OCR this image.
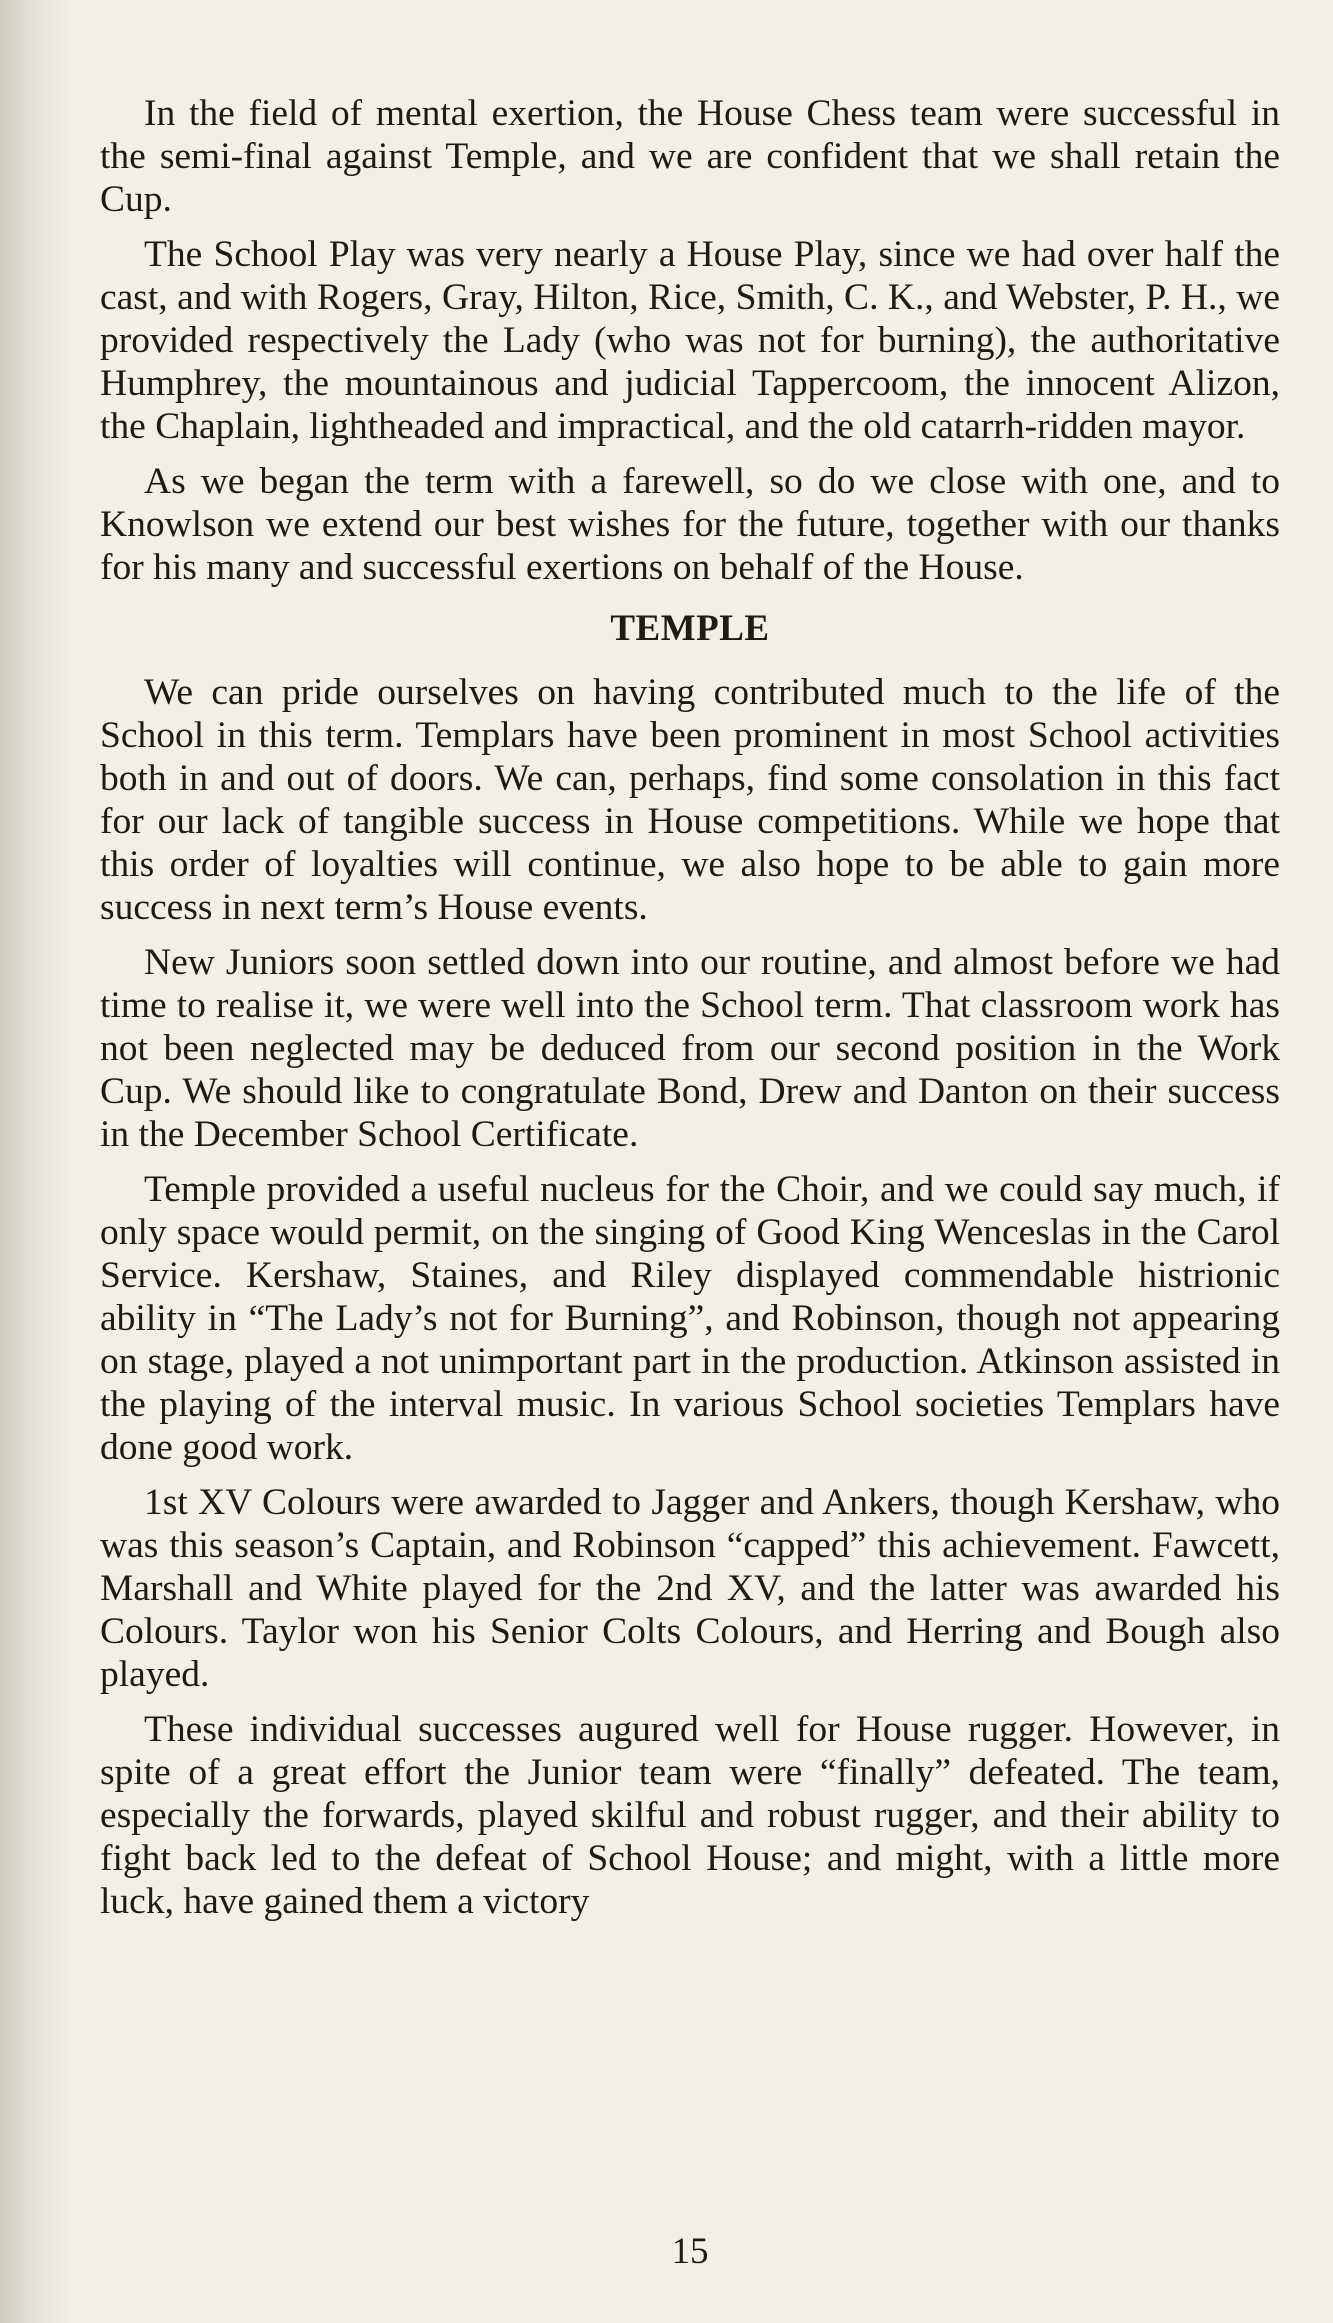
In the field of mental exertion, the House Chess team were successful in the semi-final against Temple, and we are confident that we shall retain the Cup.

The School Play was very nearly a House Play, since we had over half the cast, and with Rogers, Gray, Hilton, Rice, Smith, C. K., and Webster, P. H., we provided respectively the Lady (who was not for burning), the authoritative Humphrey, the mountainous and judicial Tappercoom, the innocent Alizon, the Chaplain, lightheaded and impractical, and the old catarrh-ridden mayor.

As we began the term with a farewell, so do we close with one, and to Knowlson we extend our best wishes for the future, together with our thanks for his many and successful exertions on behalf of the House.

TEMPLE

We can pride ourselves on having contributed much to the life of the School in this term. Templars have been prominent in most School activities both in and out of doors. We can, perhaps, find some consolation in this fact for our lack of tangible success in House competitions. While we hope that this order of loyalties will continue, we also hope to be able to gain more success in next term’s House events.

New Juniors soon settled down into our routine, and almost before we had time to realise it, we were well into the School term. That classroom work has not been neglected may be deduced from our second position in the Work Cup. We should like to congratulate Bond, Drew and Danton on their success in the December School Certificate.

Temple provided a useful nucleus for the Choir, and we could say much, if only space would permit, on the singing of Good King Wenceslas in the Carol Service. Kershaw, Staines, and Riley displayed commendable histrionic ability in “The Lady’s not for Burning”, and Robinson, though not appearing on stage, played a not unimportant part in the production. Atkinson assisted in the playing of the interval music. In various School societies Templars have done good work.

1st XV Colours were awarded to Jagger and Ankers, though Kershaw, who was this season’s Captain, and Robinson “capped” this achievement. Fawcett, Marshall and White played for the 2nd XV, and the latter was awarded his Colours. Taylor won his Senior Colts Colours, and Herring and Bough also played.

These individual successes augured well for House rugger. However, in spite of a great effort the Junior team were “finally” defeated. The team, especially the forwards, played skilful and robust rugger, and their ability to fight back led to the defeat of School House; and might, with a little more luck, have gained them a victory

15
